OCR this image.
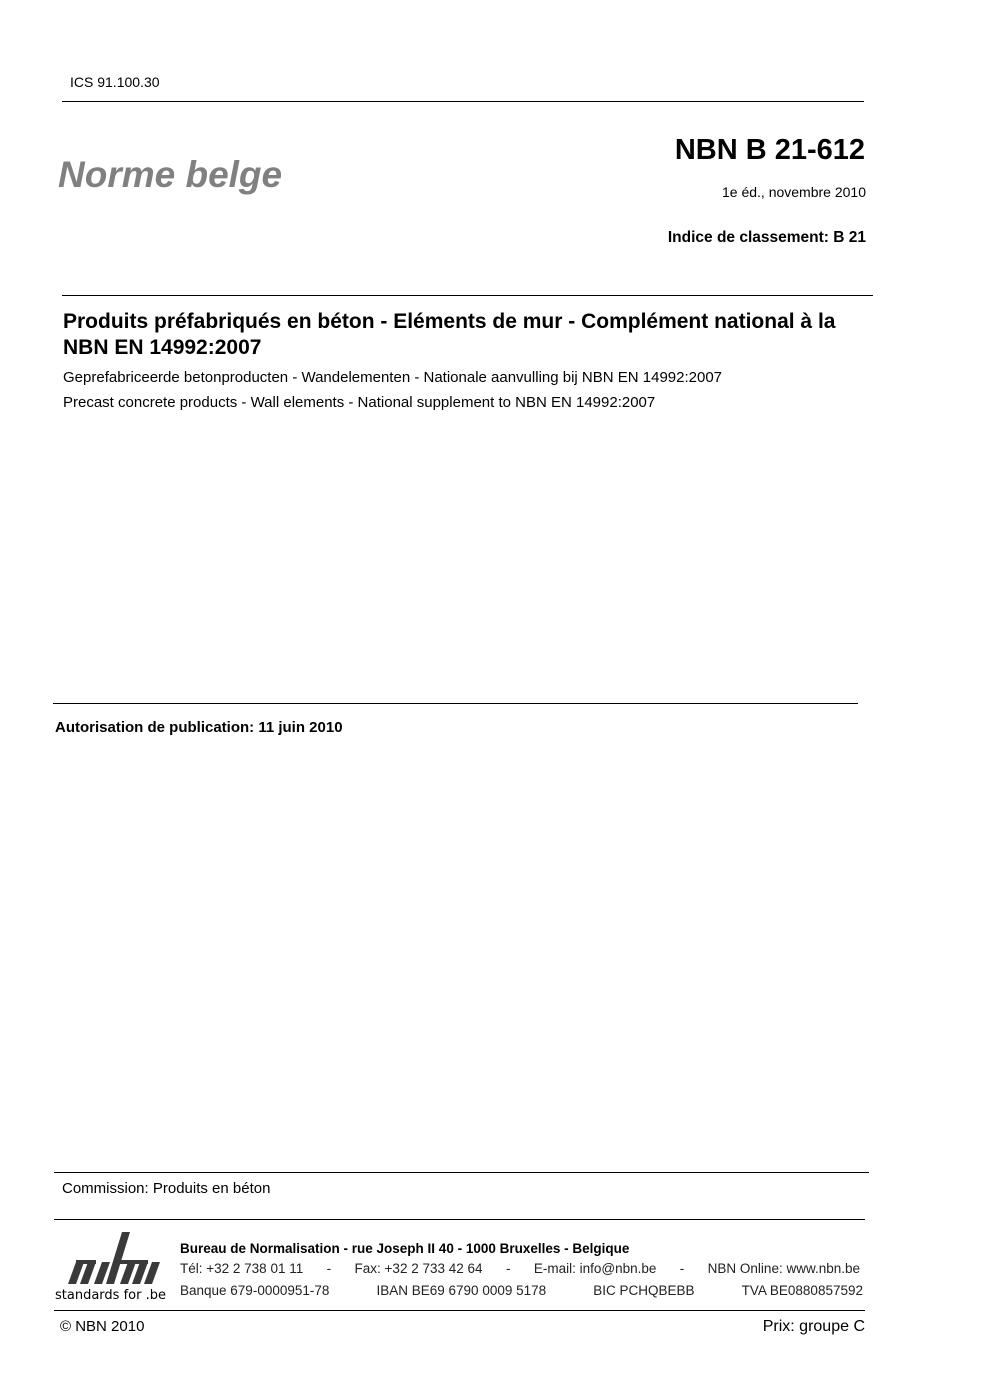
ICS 91.100.30
Norme belge
NBN B 21-612
1e éd., novembre 2010
Indice de classement: B 21
Produits préfabriqués en béton - Eléments de mur - Complément national à la NBN EN 14992:2007
Geprefabriceerde betonproducten - Wandelementen - Nationale aanvulling bij NBN EN 14992:2007
Precast concrete products - Wall elements - National supplement to NBN EN 14992:2007
Autorisation de publication: 11 juin 2010
Commission: Produits en béton
standards for .be
Bureau de Normalisation - rue Joseph II 40 - 1000 Bruxelles - Belgique
Tél: +32 2 738 01 11 - Fax: +32 2 733 42 64 - E-mail: info@nbn.be - NBN Online: www.nbn.be
Banque 679-0000951-78	IBAN BE69 6790 0009 5178	BIC PCHQBEBB	TVA BE0880857592
© NBN 2010	Prix: groupe C
